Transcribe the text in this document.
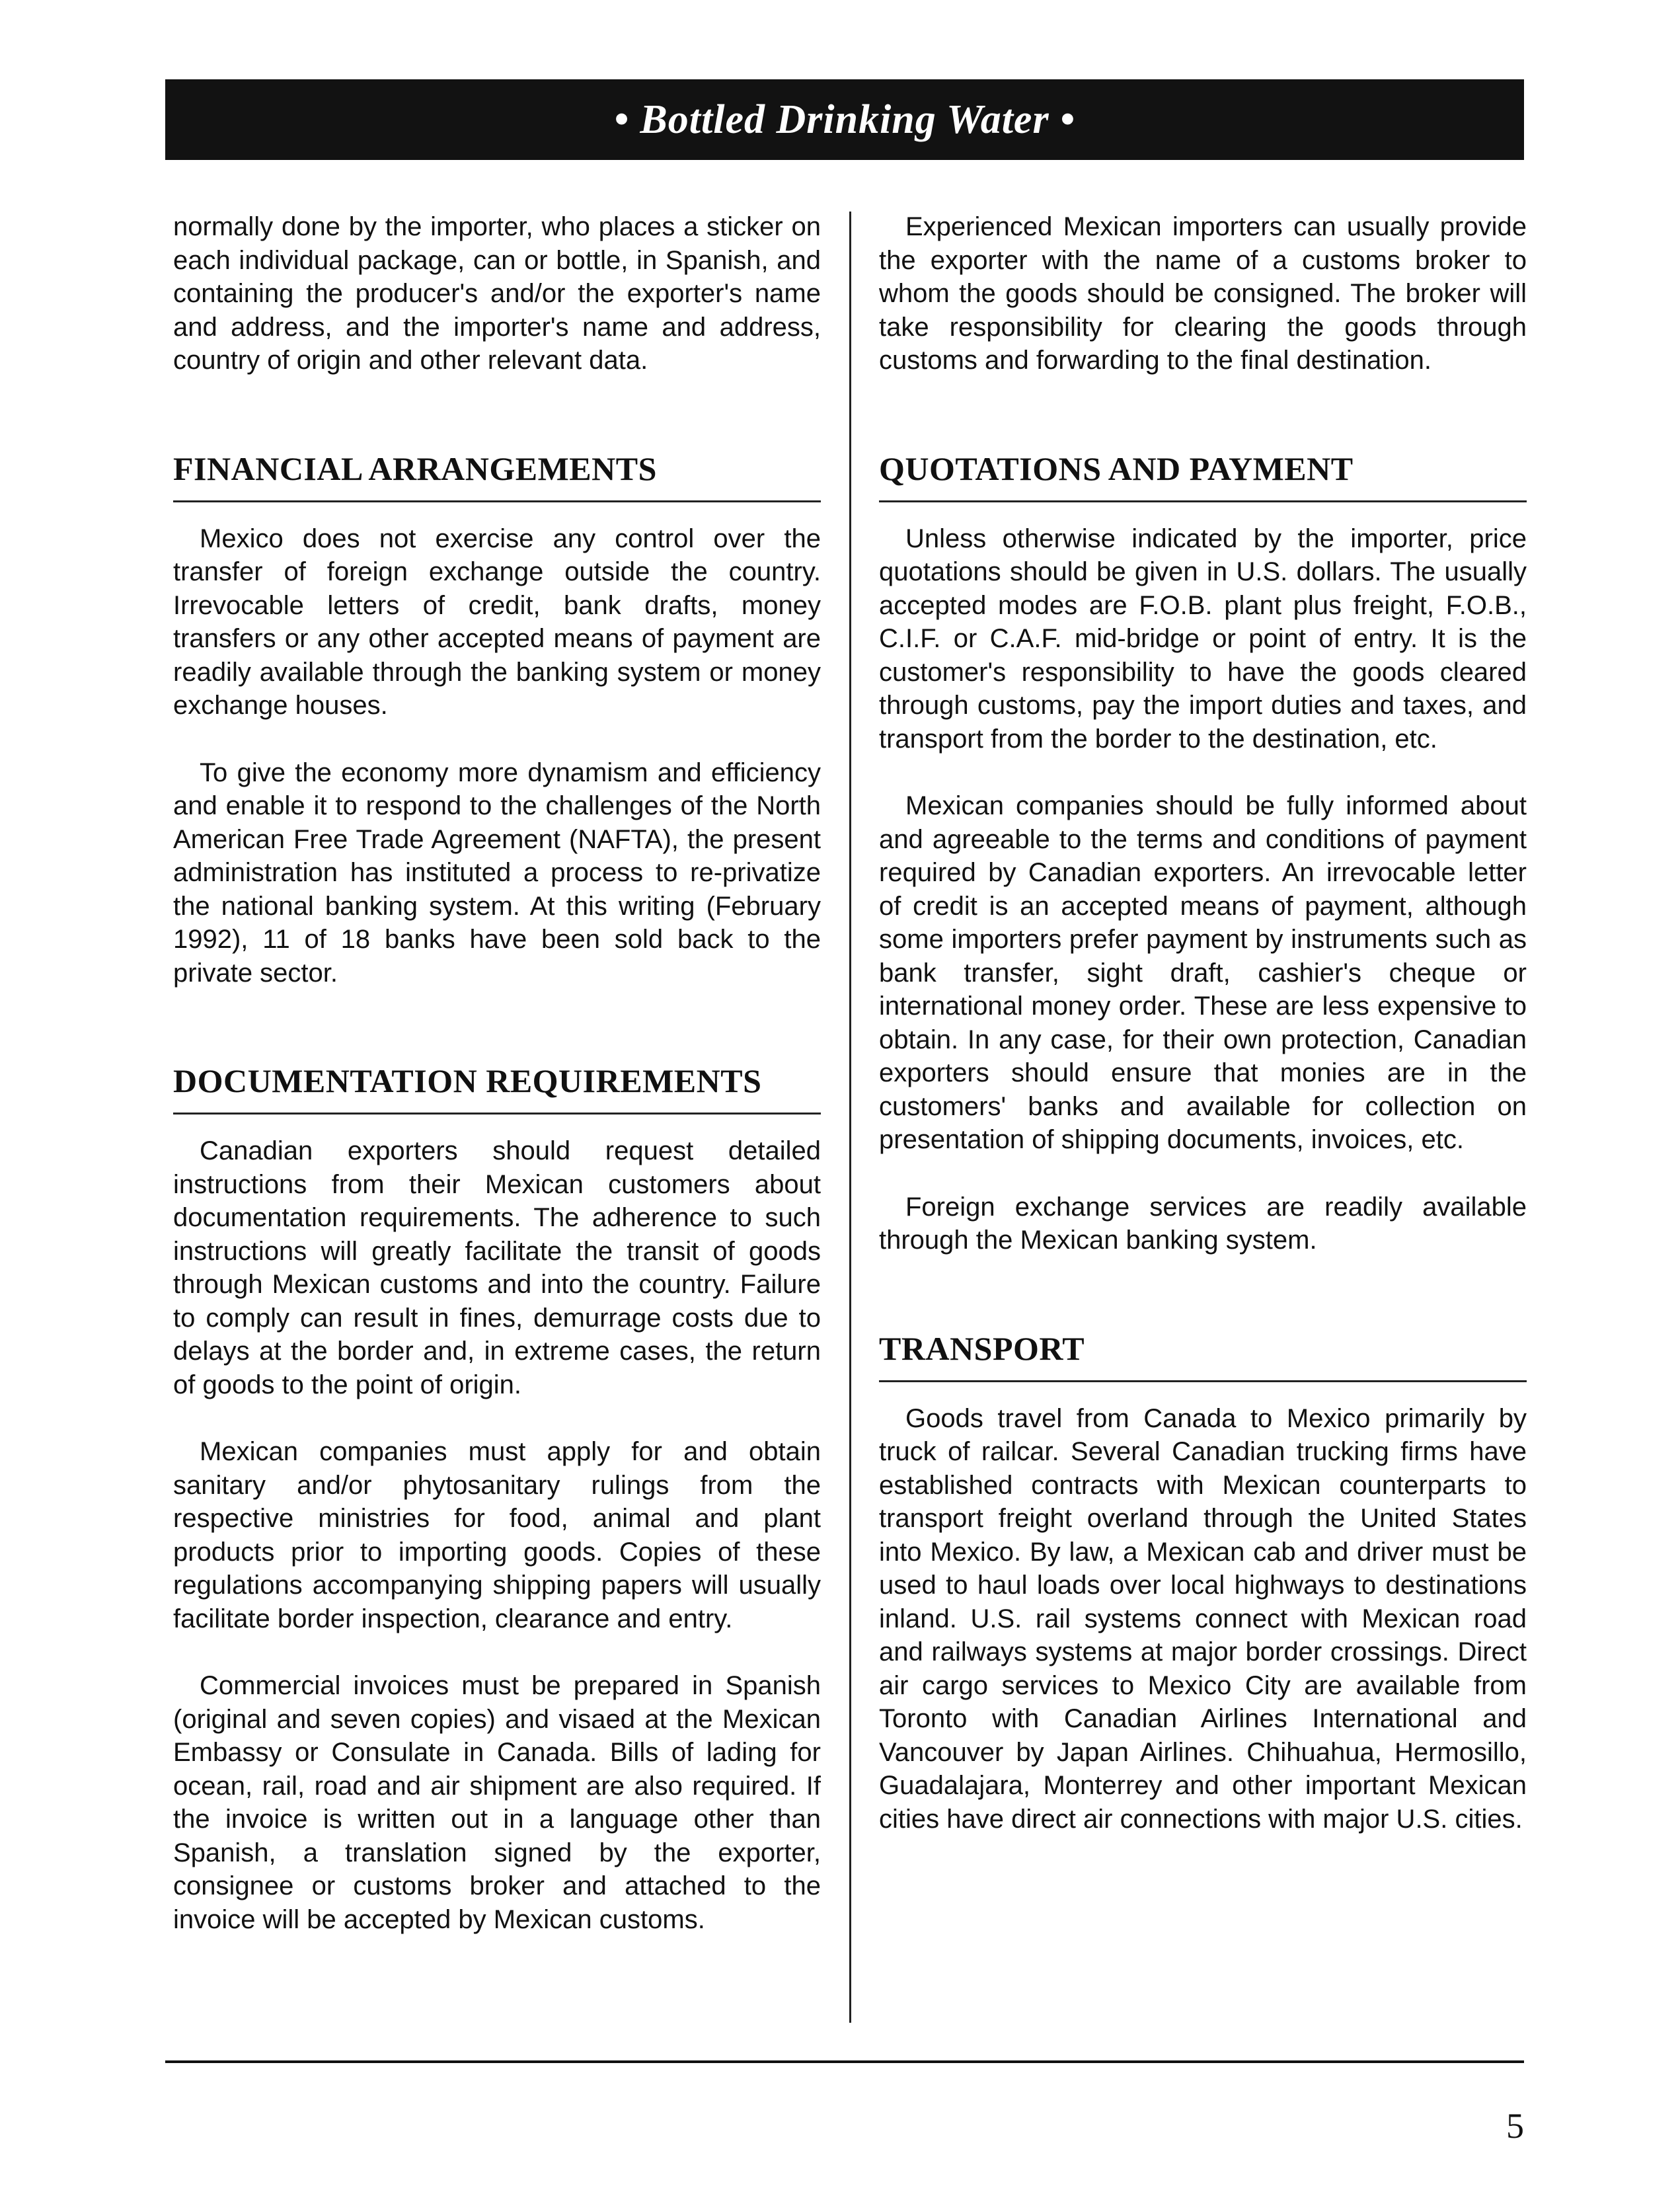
• Bottled Drinking Water •

normally done by the importer, who places a sticker on each individual package, can or bottle, in Spanish, and containing the producer's and/or the exporter's name and address, and the importer's name and address, country of origin and other relevant data.

FINANCIAL ARRANGEMENTS

Mexico does not exercise any control over the transfer of foreign exchange outside the country. Irrevocable letters of credit, bank drafts, money transfers or any other accepted means of payment are readily available through the banking system or money exchange houses.

To give the economy more dynamism and efficiency and enable it to respond to the challenges of the North American Free Trade Agreement (NAFTA), the present administration has instituted a process to re-privatize the national banking system. At this writing (February 1992), 11 of 18 banks have been sold back to the private sector.

DOCUMENTATION REQUIREMENTS

Canadian exporters should request detailed instructions from their Mexican customers about documentation requirements. The adherence to such instructions will greatly facilitate the transit of goods through Mexican customs and into the country. Failure to comply can result in fines, demurrage costs due to delays at the border and, in extreme cases, the return of goods to the point of origin.

Mexican companies must apply for and obtain sanitary and/or phytosanitary rulings from the respective ministries for food, animal and plant products prior to importing goods. Copies of these regulations accompanying shipping papers will usually facilitate border inspection, clearance and entry.

Commercial invoices must be prepared in Spanish (original and seven copies) and visaed at the Mexican Embassy or Consulate in Canada. Bills of lading for ocean, rail, road and air shipment are also required. If the invoice is written out in a language other than Spanish, a translation signed by the exporter, consignee or customs broker and attached to the invoice will be accepted by Mexican customs.

Experienced Mexican importers can usually provide the exporter with the name of a customs broker to whom the goods should be consigned. The broker will take responsibility for clearing the goods through customs and forwarding to the final destination.

QUOTATIONS AND PAYMENT

Unless otherwise indicated by the importer, price quotations should be given in U.S. dollars. The usually accepted modes are F.O.B. plant plus freight, F.O.B., C.I.F. or C.A.F. mid-bridge or point of entry. It is the customer's responsibility to have the goods cleared through customs, pay the import duties and taxes, and transport from the border to the destination, etc.

Mexican companies should be fully informed about and agreeable to the terms and conditions of payment required by Canadian exporters. An irrevocable letter of credit is an accepted means of payment, although some importers prefer payment by instruments such as bank transfer, sight draft, cashier's cheque or international money order. These are less expensive to obtain. In any case, for their own protection, Canadian exporters should ensure that monies are in the customers' banks and available for collection on presentation of shipping documents, invoices, etc.

Foreign exchange services are readily available through the Mexican banking system.

TRANSPORT

Goods travel from Canada to Mexico primarily by truck of railcar. Several Canadian trucking firms have established contracts with Mexican counterparts to transport freight overland through the United States into Mexico. By law, a Mexican cab and driver must be used to haul loads over local highways to destinations inland. U.S. rail systems connect with Mexican road and railways systems at major border crossings. Direct air cargo services to Mexico City are available from Toronto with Canadian Airlines International and Vancouver by Japan Airlines. Chihuahua, Hermosillo, Guadalajara, Monterrey and other important Mexican cities have direct air connections with major U.S. cities.

5
